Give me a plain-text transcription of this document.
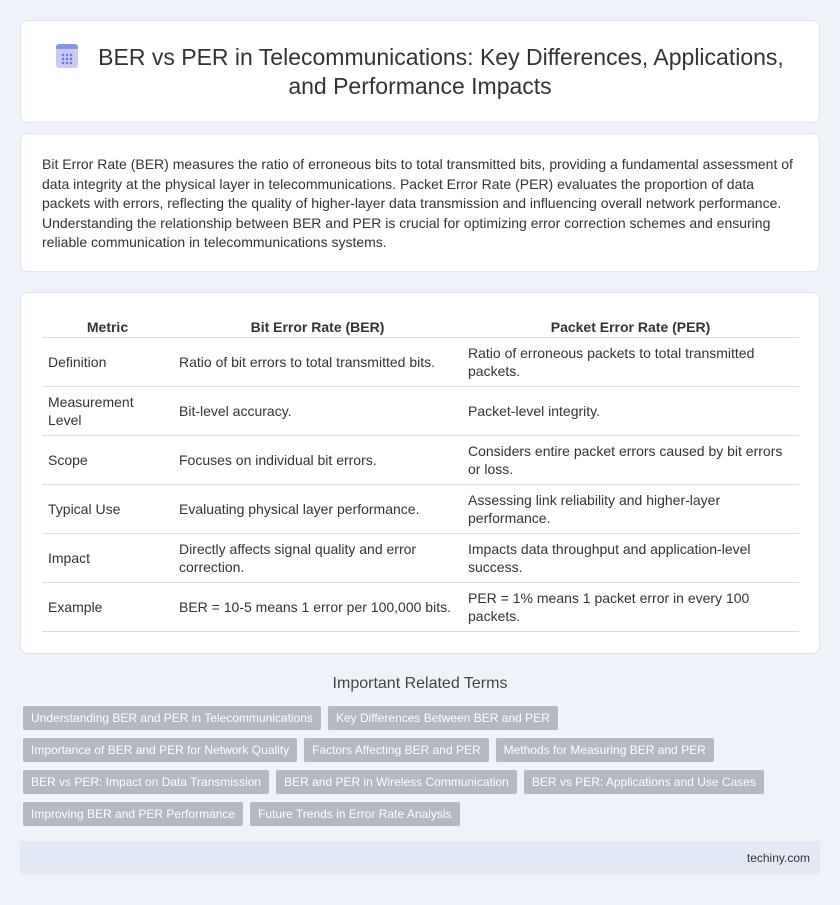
BER vs PER in Telecommunications: Key Differences, Applications,
and Performance Impacts

Bit Error Rate (BER) measures the ratio of erroneous bits to total transmitted bits, providing a fundamental assessment of data integrity at the physical layer in telecommunications. Packet Error Rate (PER) evaluates the proportion of data packets with errors, reflecting the quality of higher-layer data transmission and influencing overall network performance. Understanding the relationship between BER and PER is crucial for optimizing error correction schemes and ensuring reliable communication in telecommunications systems.

Metric	Bit Error Rate (BER)	Packet Error Rate (PER)
Definition	Ratio of bit errors to total transmitted bits.	Ratio of erroneous packets to total transmitted packets.
Measurement Level	Bit-level accuracy.	Packet-level integrity.
Scope	Focuses on individual bit errors.	Considers entire packet errors caused by bit errors or loss.
Typical Use	Evaluating physical layer performance.	Assessing link reliability and higher-layer performance.
Impact	Directly affects signal quality and error correction.	Impacts data throughput and application-level success.
Example	BER = 10-5 means 1 error per 100,000 bits.	PER = 1% means 1 packet error in every 100 packets.
Important Related Terms
Understanding BER and PER in Telecommunications	Key Differences Between BER and PER
Importance of BER and PER for Network Quality	Factors Affecting BER and PER	Methods for Measuring BER and PER
BER vs PER: Impact on Data Transmission	BER and PER in Wireless Communication	BER vs PER: Applications and Use Cases
Improving BER and PER Performance	Future Trends in Error Rate Analysis
techiny.com
